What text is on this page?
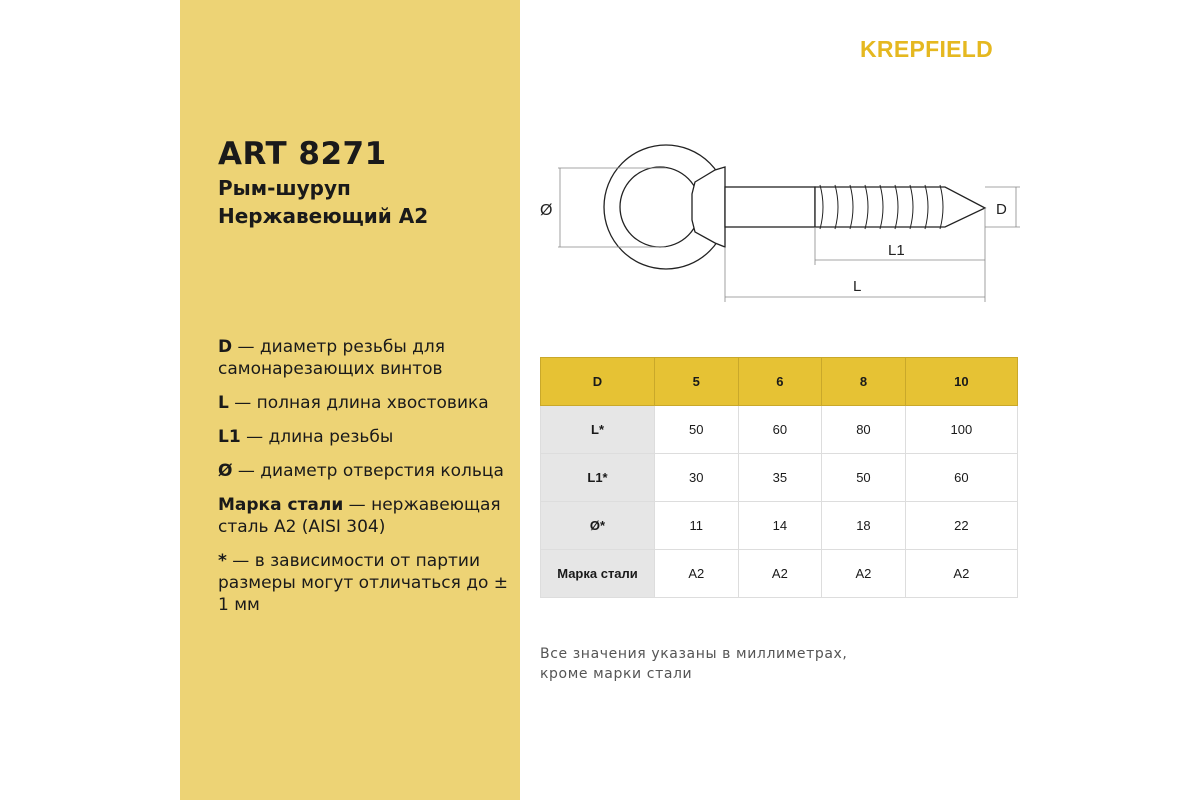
KREPFIELD
ART 8271
Рым-шуруп
Нержавеющий А2

D — диаметр резьбы для самонарезающих винтов

L — полная длина хвостовика

L1 — длина резьбы

Ø — диаметр отверстия кольца

Марка стали — нержавеющая сталь А2 (AISI 304)

* — в зависимости от партии размеры могут отличаться до ± 1 мм

Ø	D
L1
L
D	5	6	8	10
L*	50	60	80	100
L1*	30	35	50	60
Ø*	11	14	18	22
Марка стали	A2	A2	A2	A2
Все значения указаны в миллиметрах,
кроме марки стали
